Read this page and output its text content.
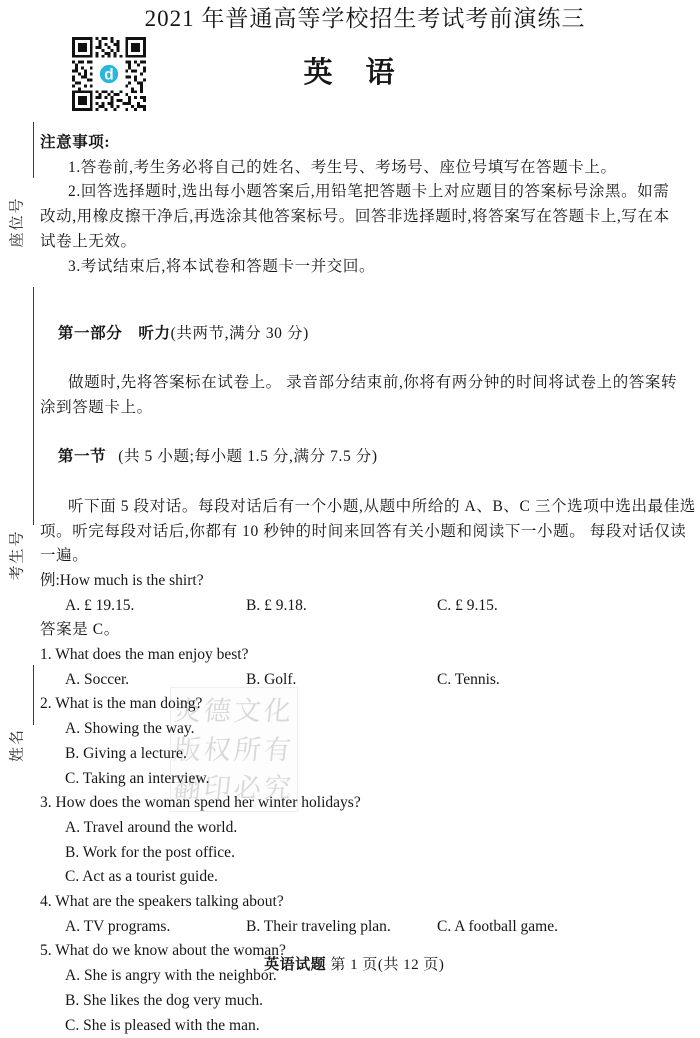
炎德文化
版权所有
翻印必究
2021 年普通高等学校招生考试考前演练三
英　语
d
座位号
考生号
姓名
注意事项:
1.答卷前,考生务必将自己的姓名、考生号、考场号、座位号填写在答题卡上。
2.回答选择题时,选出每小题答案后,用铅笔把答题卡上对应题目的答案标号涂黑。如需
改动,用橡皮擦干净后,再选涂其他答案标号。回答非选择题时,将答案写在答题卡上,写在本
试卷上无效。
3.考试结束后,将本试卷和答题卡一并交回。

第一部分　听力(共两节,满分 30 分)

做题时,先将答案标在试卷上。 录音部分结束前,你将有两分钟的时间将试卷上的答案转
涂到答题卡上。

第一节 (共 5 小题;每小题 1.5 分,满分 7.5 分)

听下面 5 段对话。每段对话后有一个小题,从题中所给的 A、B、C 三个选项中选出最佳选
项。听完每段对话后,你都有 10 秒钟的时间来回答有关小题和阅读下一小题。 每段对话仅读
一遍。
例:How much is the shirt?

A. £ 19.15.

	B. £ 9.18.

	C. £ 9.15.

答案是 C。
1. What does the man enjoy best?

A. Soccer.

	B. Golf.

	C. Tennis.

2. What is the man doing?
A. Showing the way.
B. Giving a lecture.
C. Taking an interview.
3. How does the woman spend her winter holidays?
A. Travel around the world.
B. Work for the post office.
C. Act as a tourist guide.
4. What are the speakers talking about?

A. TV programs.

	B. Their traveling plan.

	C. A football game.

5. What do we know about the woman?
A. She is angry with the neighbor.
B. She likes the dog very much.
C. She is pleased with the man.

英语试题 第 1 页(共 12 页)
